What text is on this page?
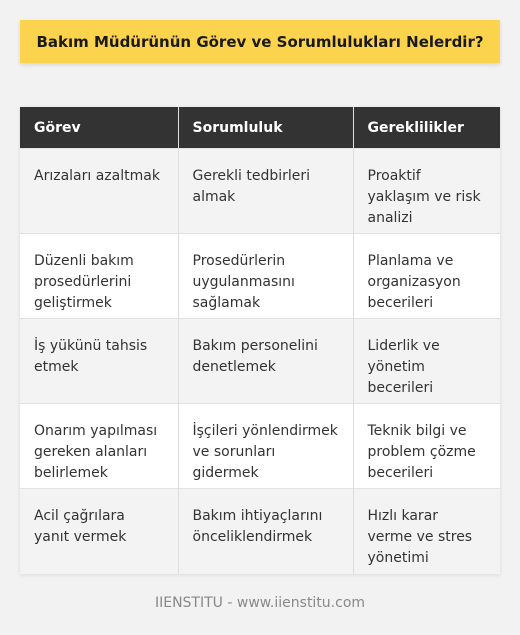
Bakım Müdürünün Görev ve Sorumlulukları Nelerdir?
Görev	Sorumluluk	Gereklilikler
Arızaları azaltmak	Gerekli tedbirleri almak	Proaktif yaklaşım ve risk analizi
Düzenli bakım prosedürlerini geliştirmek	Prosedürlerin uygulanmasını sağlamak	Planlama ve organizasyon becerileri
İş yükünü tahsis etmek	Bakım personelini denetlemek	Liderlik ve yönetim becerileri
Onarım yapılması gereken alanları belirlemek	İşçileri yönlendirmek ve sorunları gidermek	Teknik bilgi ve problem çözme becerileri
Acil çağrılara yanıt vermek	Bakım ihtiyaçlarını önceliklendirmek	Hızlı karar verme ve stres yönetimi
IIENSTITU - www.iienstitu.com
